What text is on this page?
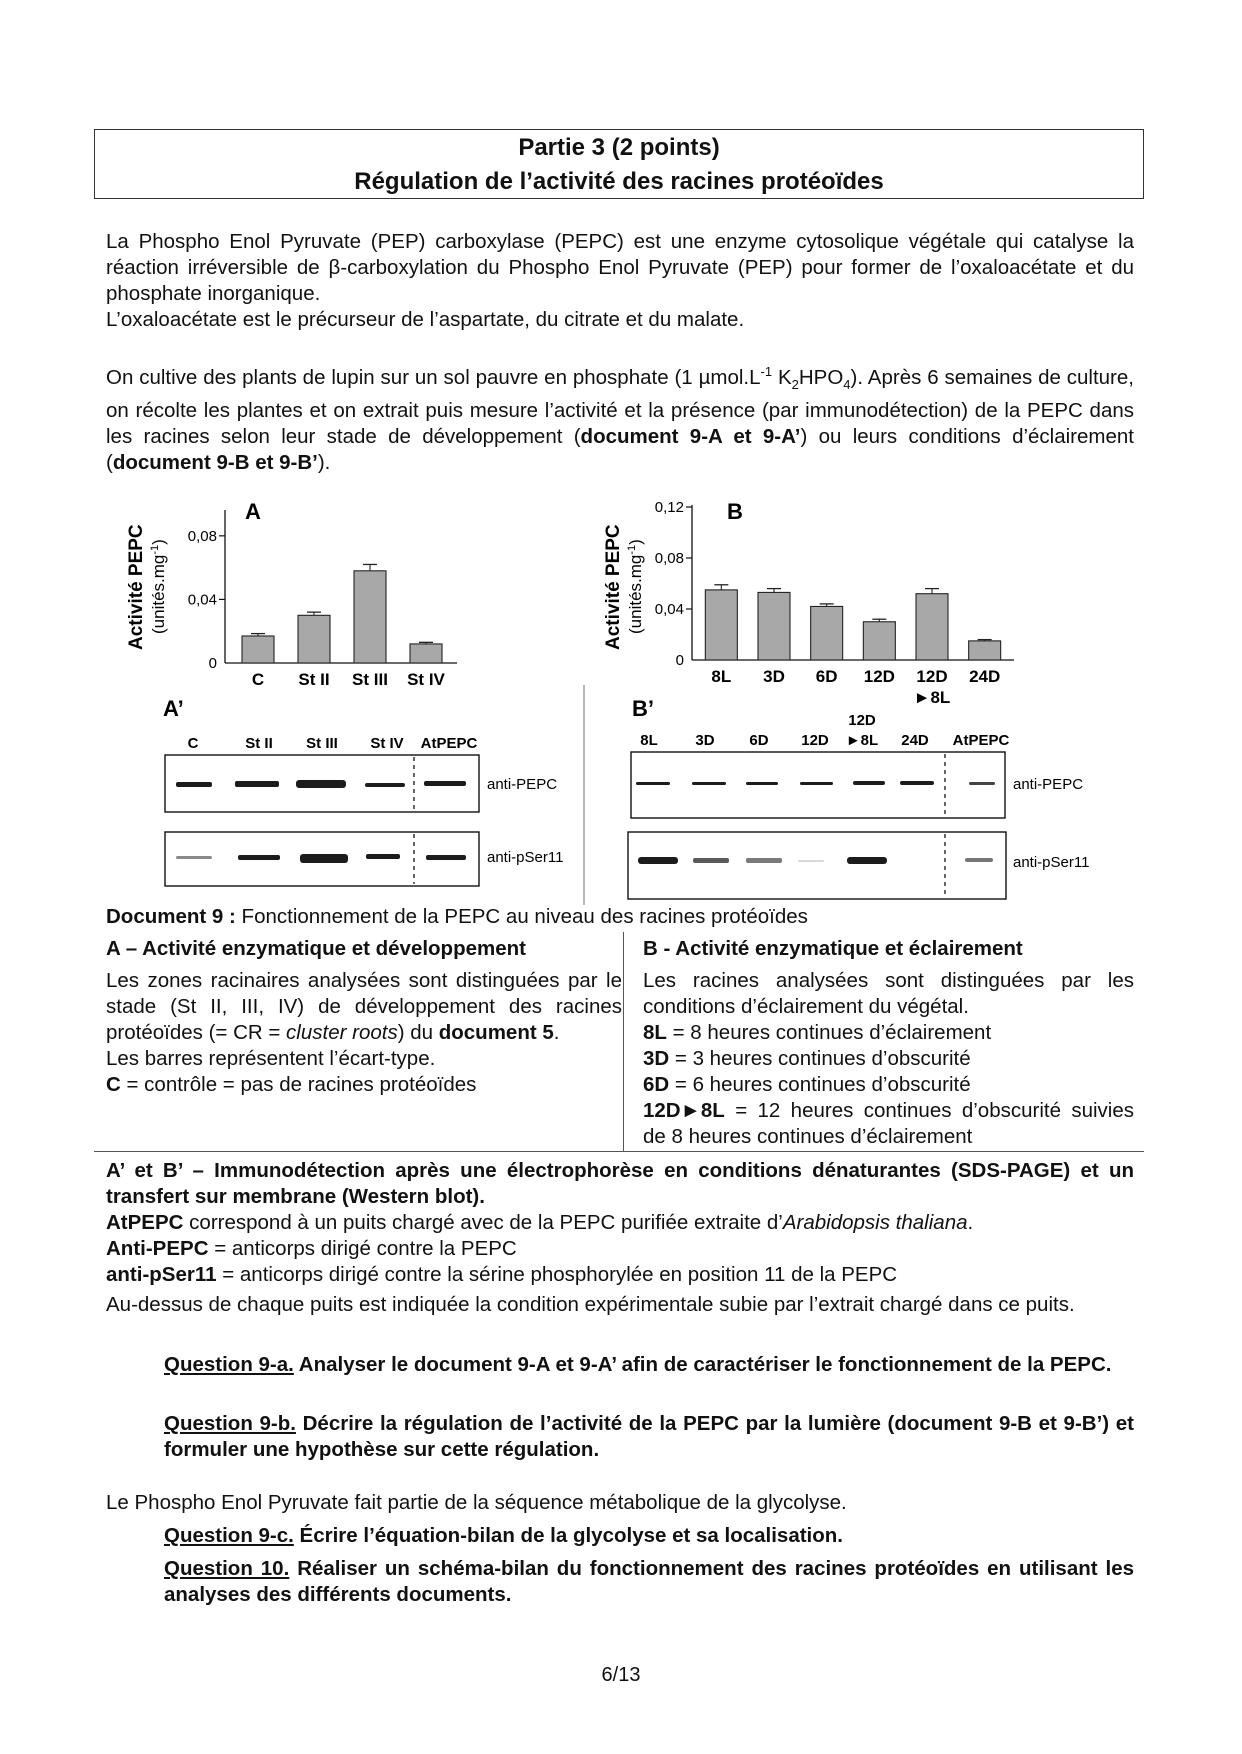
Partie 3 (2 points)
Régulation de l’activité des racines protéoïdes
La Phospho Enol Pyruvate (PEP) carboxylase (PEPC) est une enzyme cytosolique végétale qui catalyse la réaction irréversible de β-carboxylation du Phospho Enol Pyruvate (PEP) pour former de l’oxaloacétate et du phosphate inorganique.
L’oxaloacétate est le précurseur de l’aspartate, du citrate et du malate.
On cultive des plants de lupin sur un sol pauvre en phosphate (1 $\mu mol.L^{-1}$ $K_2HPO_4$). Après 6 semaines de culture, on récolte les plantes et on extrait puis mesure l’activité et la présence (par immunodétection) de la PEPC dans les racines selon leur stade de développement (document 9-A et 9-A’) ou leurs conditions d’éclairement (document 9-B et 9-B’).
A
Activité PEPC $(unités.mg^{-1})$
0
0,04
0,08
C St II St III St IV
B
Activité PEPC $(unités.mg^{-1})$
0
0,04
0,08
0,12
8L 3D 6D 12D 12D
►8L
24D
A’
C	St II St III St IV AtPEPC
anti-PEPC
anti-pSer11
B’
8L	3D 6D 12D
12D
►8L 24D AtPEPC
anti-PEPC
anti-pSer11
Document 9 : Fonctionnement de la PEPC au niveau des racines protéoïdes
A – Activité enzymatique et développement
Les zones racinaires analysées sont distinguées par le stade (St II, III, IV) de développement des racines protéoïdes (= CR = cluster roots) du document 5.
Les barres représentent l’écart-type.
C = contrôle = pas de racines protéoïdes
B - Activité enzymatique et éclairement
Les racines analysées sont distinguées par les conditions d’éclairement du végétal.
8L = 8 heures continues d’éclairement
3D = 3 heures continues d’obscurité
6D = 6 heures continues d’obscurité
12D►8L = 12 heures continues d’obscurité suivies de 8 heures continues d’éclairement
A’ et B’ – Immunodétection après une électrophorèse en conditions dénaturantes (SDS-PAGE) et un transfert sur membrane (Western blot).
AtPEPC correspond à un puits chargé avec de la PEPC purifiée extraite d’Arabidopsis thaliana.
Anti-PEPC = anticorps dirigé contre la PEPC
anti-pSer11 = anticorps dirigé contre la sérine phosphorylée en position 11 de la PEPC
Au-dessus de chaque puits est indiquée la condition expérimentale subie par l’extrait chargé dans ce puits.
Question 9-a. Analyser le document 9-A et 9-A’ afin de caractériser le fonctionnement de la PEPC.
Question 9-b. Décrire la régulation de l’activité de la PEPC par la lumière (document 9-B et 9-B’) et formuler une hypothèse sur cette régulation.
Le Phospho Enol Pyruvate fait partie de la séquence métabolique de la glycolyse.
Question 9-c. Écrire l’équation-bilan de la glycolyse et sa localisation.
Question 10. Réaliser un schéma-bilan du fonctionnement des racines protéoïdes en utilisant les analyses des différents documents.
6/13
